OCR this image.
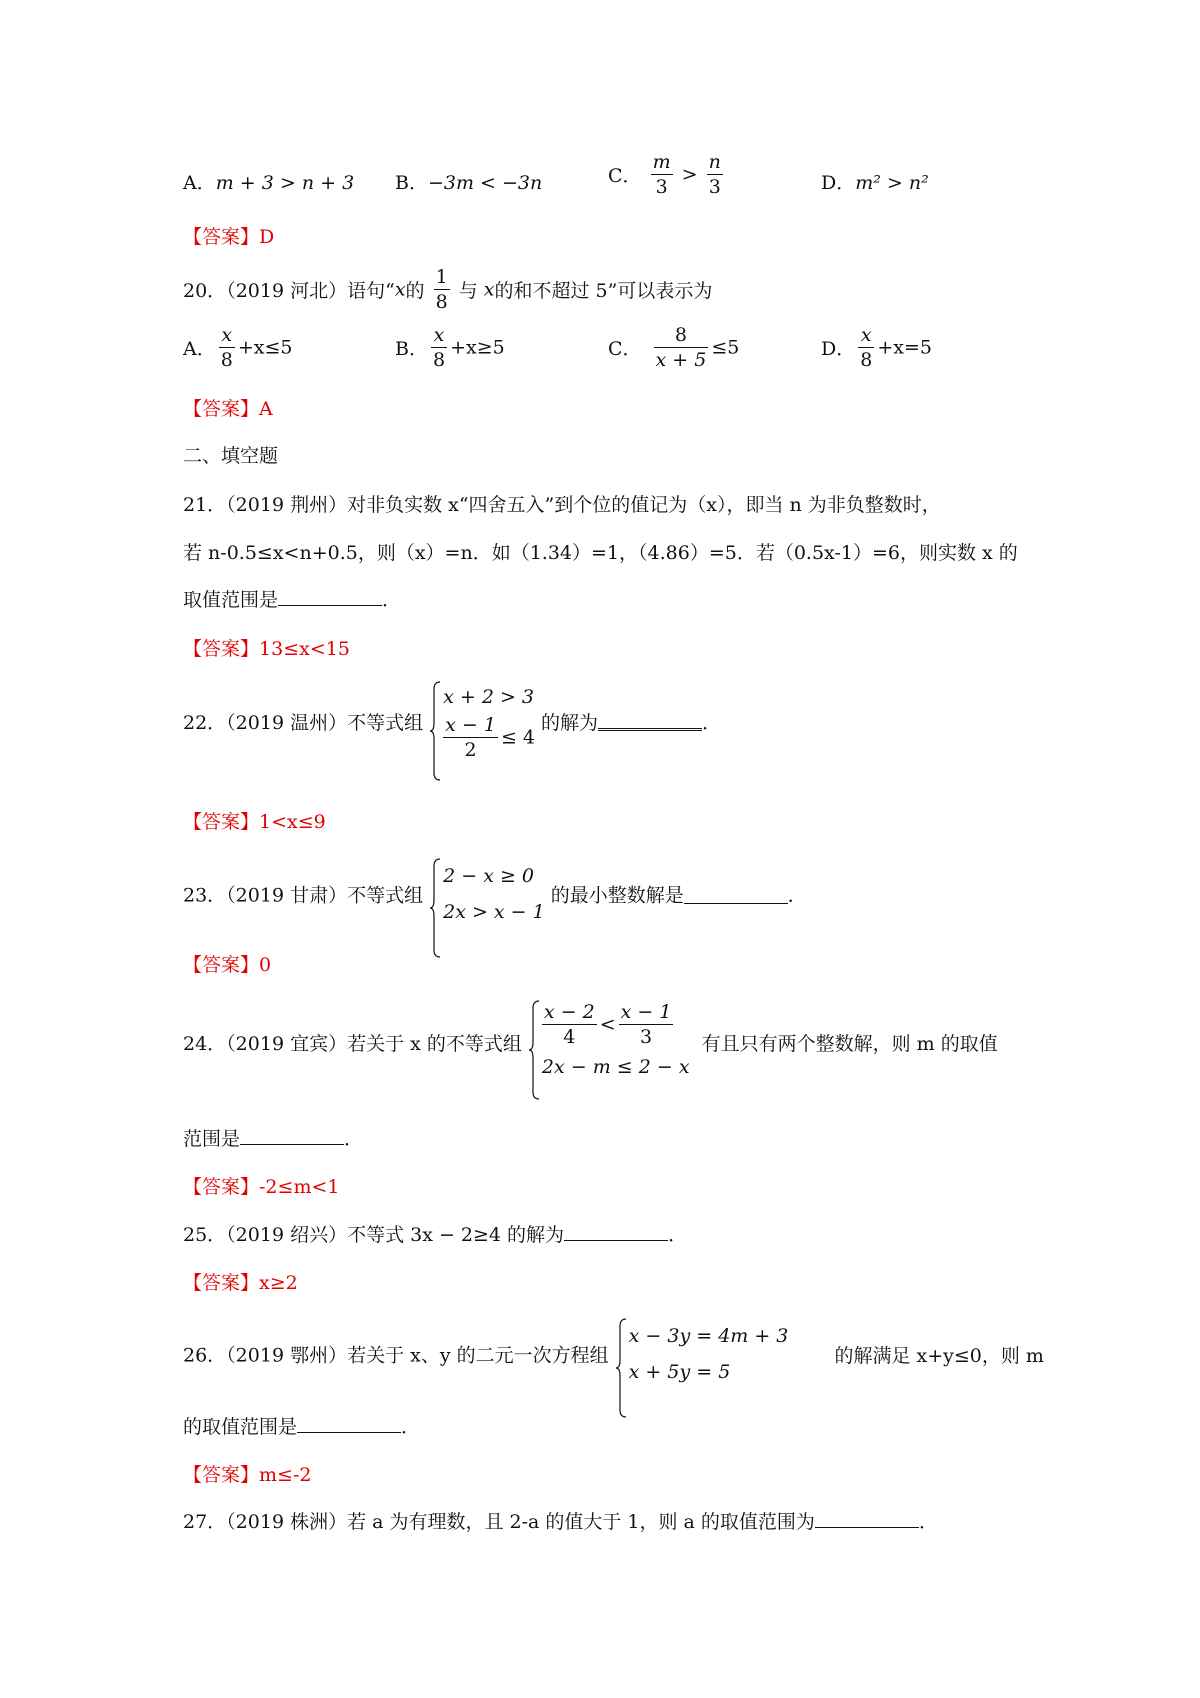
A．m + 3 > n + 3 B．−3m < −3n	C． $\frac{m}{3} > \frac{n}{3}$	D．m² > n²
【答案】D
20．（2019 河北）语句“x的 $\frac{1}{8}$ 与 x的和不超过 5”可以表示为
A． $\frac{x}{8} +x\le 5$	B． $\frac{x}{8} +x\ge 5$	C． $\frac{8}{x + 5} \le 5$	D． $\frac{x}{8} +x=5$
【答案】A
二、填空题
21．（2019 荆州）对非负实数 x“四舍五入”到个位的值记为（x），即当 n 为非负整数时，
若 n-0.5≤x<n+0.5，则（x）=n．如（1.34）=1，（4.86）=5．若（0.5x-1）=6，则实数 x 的
取值范围是	．
【答案】13≤x<15
22．（2019 温州）不等式组
x + 2 > 3
$\frac{x - 1}{2} \le 4$
的解为	．
【答案】1<x≤9
23．（2019 甘肃）不等式组
2 − x ≥ 0
2x > x − 1
的最小整数解是	．
【答案】0
24．（2019 宜宾）若关于 x 的不等式组 $\frac{x - 2}{4} < \frac{x - 1}{3}$
2x − m ≤ 2 − x
有且只有两个整数解，则 m 的取值
范围是	．
【答案】-2≤m<1
25．（2019 绍兴）不等式 3x − 2≥4 的解为	．
【答案】x≥2
26．（2019 鄂州）若关于 x、y 的二元一次方程组
x − 3y = 4m + 3
x + 5y = 5
的解满足 x+y≤0，则 m
的取值范围是	．
【答案】m≤-2
27．（2019 株洲）若 a 为有理数，且 2-a 的值大于 1，则 a 的取值范围为	．
